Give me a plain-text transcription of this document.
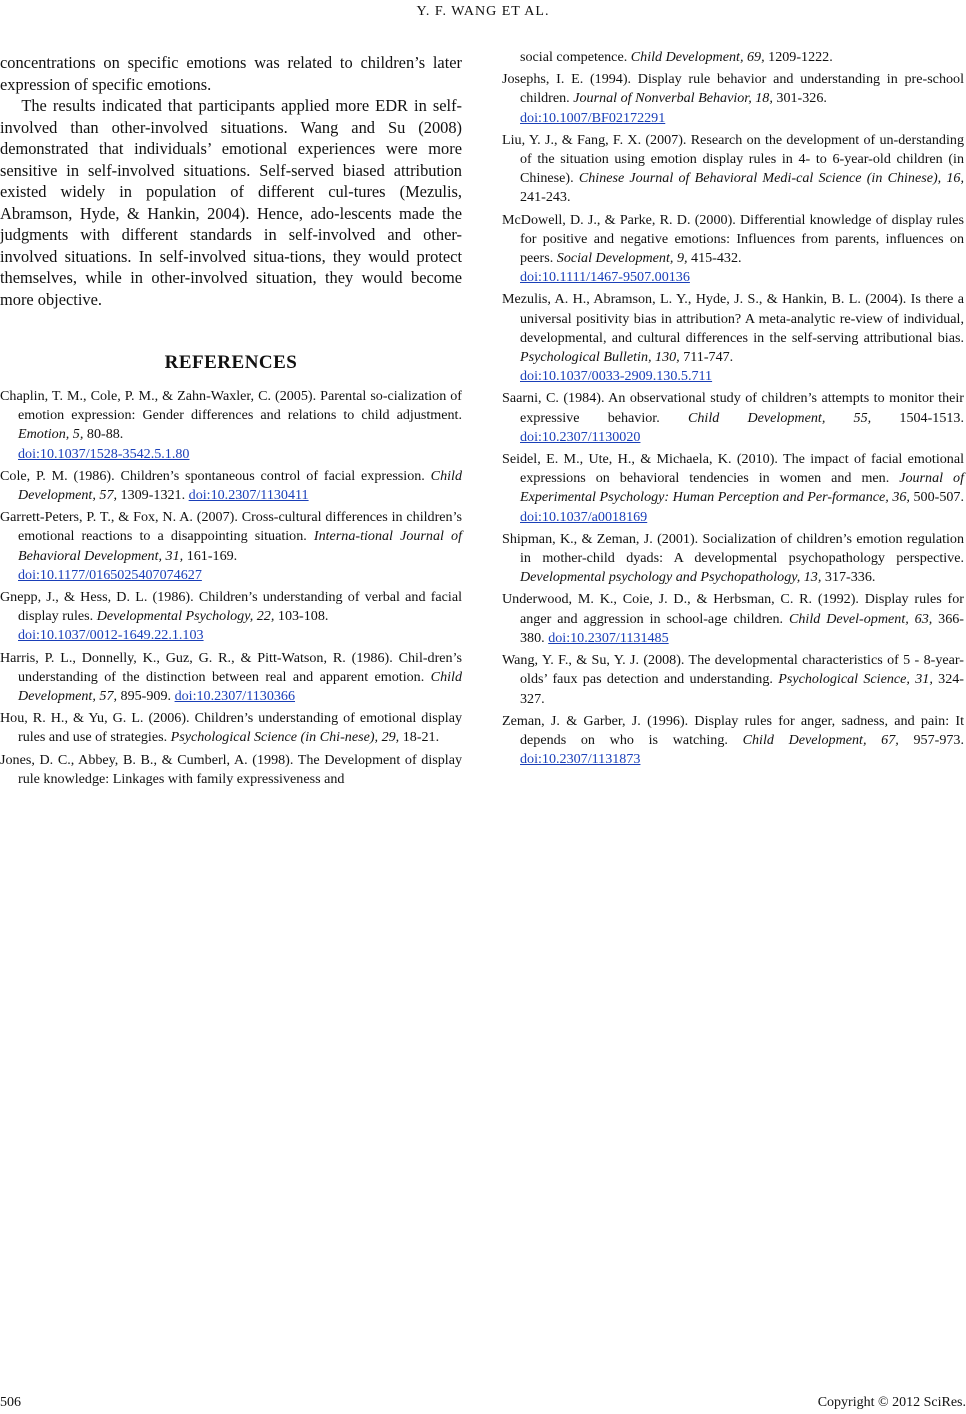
Y. F. WANG ET AL.

concentrations on specific emotions was related to children’s later expression of specific emotions.

The results indicated that participants applied more EDR in self-involved than other-involved situations. Wang and Su (2008) demonstrated that individuals’ emotional experiences were more sensitive in self-involved situations. Self-served biased attribution existed widely in population of different cul-tures (Mezulis, Abramson, Hyde, & Hankin, 2004). Hence, ado-lescents made the judgments with different standards in self-involved and other-involved situations. In self-involved situa-tions, they would protect themselves, while in other-involved situation, they would become more objective.

REFERENCES

Chaplin, T. M., Cole, P. M., & Zahn-Waxler, C. (2005). Parental so-cialization of emotion expression: Gender differences and relations to child adjustment. Emotion, 5, 80-88.
doi:10.1037/1528-3542.5.1.80

Cole, P. M. (1986). Children’s spontaneous control of facial expression. Child Development, 57, 1309-1321. doi:10.2307/1130411

Garrett-Peters, P. T., & Fox, N. A. (2007). Cross-cultural differences in children’s emotional reactions to a disappointing situation. Interna-tional Journal of Behavioral Development, 31, 161-169.
doi:10.1177/0165025407074627

Gnepp, J., & Hess, D. L. (1986). Children’s understanding of verbal and facial display rules. Developmental Psychology, 22, 103-108.
doi:10.1037/0012-1649.22.1.103

Harris, P. L., Donnelly, K., Guz, G. R., & Pitt-Watson, R. (1986). Chil-dren’s understanding of the distinction between real and apparent emotion. Child Development, 57, 895-909. doi:10.2307/1130366

Hou, R. H., & Yu, G. L. (2006). Children’s understanding of emotional display rules and use of strategies. Psychological Science (in Chi-nese), 29, 18-21.

Jones, D. C., Abbey, B. B., & Cumberl, A. (1998). The Development of display rule knowledge: Linkages with family expressiveness and

social competence. Child Development, 69, 1209-1222.

Josephs, I. E. (1994). Display rule behavior and understanding in pre-school children. Journal of Nonverbal Behavior, 18, 301-326.
doi:10.1007/BF02172291

Liu, Y. J., & Fang, F. X. (2007). Research on the development of un-derstanding of the situation using emotion display rules in 4- to 6-year-old children (in Chinese). Chinese Journal of Behavioral Medi-cal Science (in Chinese), 16, 241-243.

McDowell, D. J., & Parke, R. D. (2000). Differential knowledge of display rules for positive and negative emotions: Influences from parents, influences on peers. Social Development, 9, 415-432.
doi:10.1111/1467-9507.00136

Mezulis, A. H., Abramson, L. Y., Hyde, J. S., & Hankin, B. L. (2004). Is there a universal positivity bias in attribution? A meta-analytic re-view of individual, developmental, and cultural differences in the self-serving attributional bias. Psychological Bulletin, 130, 711-747.
doi:10.1037/0033-2909.130.5.711

Saarni, C. (1984). An observational study of children’s attempts to monitor their expressive behavior. Child Development, 55, 1504-1513. doi:10.2307/1130020

Seidel, E. M., Ute, H., & Michaela, K. (2010). The impact of facial emotional expressions on behavioral tendencies in women and men. Journal of Experimental Psychology: Human Perception and Per-formance, 36, 500-507. doi:10.1037/a0018169

Shipman, K., & Zeman, J. (2001). Socialization of children’s emotion regulation in mother-child dyads: A developmental psychopathology perspective. Developmental psychology and Psychopathology, 13, 317-336.

Underwood, M. K., Coie, J. D., & Herbsman, C. R. (1992). Display rules for anger and aggression in school-age children. Child Devel-opment, 63, 366-380. doi:10.2307/1131485

Wang, Y. F., & Su, Y. J. (2008). The developmental characteristics of 5 - 8-year-olds’ faux pas detection and understanding. Psychological Science, 31, 324-327.

Zeman, J. & Garber, J. (1996). Display rules for anger, sadness, and pain: It depends on who is watching. Child Development, 67, 957-973. doi:10.2307/1131873

506	Copyright © 2012 SciRes.
